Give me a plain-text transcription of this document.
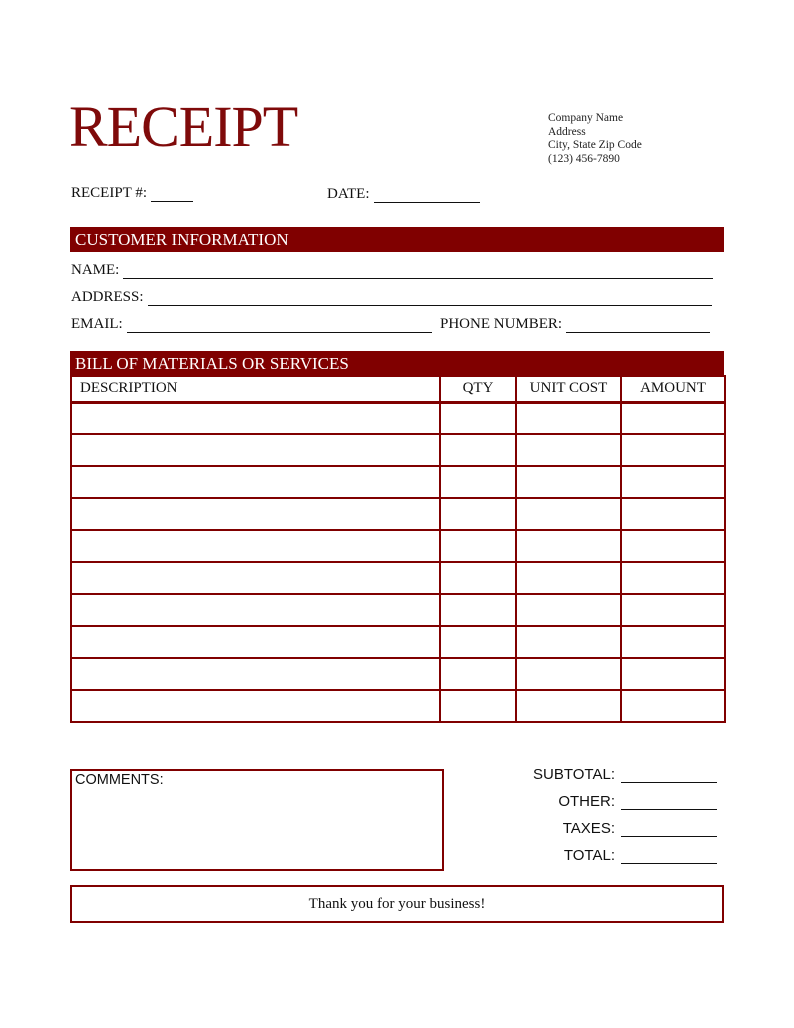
RECEIPT	Company Name
Address
City, State Zip Code
(123) 456-7890
RECEIPT #:	DATE:
CUSTOMER INFORMATION
NAME:
ADDRESS:
EMAIL:	PHONE NUMBER:
BILL OF MATERIALS OR SERVICES
DESCRIPTION	QTY	UNIT COST	AMOUNT

COMMENTS:	SUBTOTAL:
OTHER:
TAXES:
TOTAL:
Thank you for your business!
